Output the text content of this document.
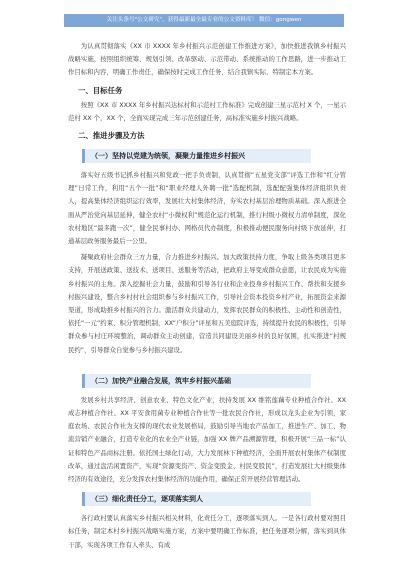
关注头条号"公文研究"，获得最新最全最专业的公文资料库！ 微信：gongwen

为认真贯彻落实《XX 市 XXXX 年乡村振兴示范创建工作推进方案》，加快推进我镇乡村振兴战略实施，按照组织统筹、规划引领、改革驱动、示范带动、系统推动的工作思路，进一步推动工作目标和内容，明确工作责任，确保按时完成工作任务，结合我镇实际，特制定本方案。

一、目标任务

按照《XX 市 XXXX 年乡村振兴达标村和示范村工作标准》完成创建三星示范村 X 个，一星示范村 XX 个，XX 个，全面实现完成三年示范创建任务，高标准实施乡村振兴战略。

二、推进步骤及方法
（一）坚持以党建为统领，凝聚力量推进乡村振兴

落实好五级书记抓乡村振兴和党政一把手负责制，认真贯彻“五星党支部”评选工作和“红分管理”日常工作，利用“五个一批”和“职业经理人外聘一批”选配机制，选配配强集体经济组织负责人，提高集体经济组织运行效率，发展壮大村集体经济，夯实农村基层治理物质基础。深入推进全面从严治党向基层延伸，健全农村“小微权利”规范化运行机制，推行村级小微权力清单制度，深化农村地区“最多跑一次”，健全民事村办、网格员代办制度，积极推动便民服务向村级下放延伸，打通基层政务服务最后一公里。

凝聚政府社会群众三方力量，合力推进乡村振兴。加大政策扶持力度，争取上级各类项目更多支持，开展送政策、送技术、送项目、送服务等活动，把政府主导变成群众意愿，让农民成为实施乡村振兴的主角。深入挖掘社会力量，鼓励和引导各行业和企业投身乡村振兴工作、帮扶和支援乡村振兴建设，整合乡村村社会组织参与乡村振兴工作，引导社会资本投资乡村产业，拓展资金来源渠道，形成助推乡村振兴的合力。激活群众共建动力，发挥农民群众的积极性、主动性和创造性，依托“一元”约束、积分管理机制，XX“户积分”评星和五美庭院评选，持续提升农民的积极性，引导群众参与村庄环境整治，调动群众主动创建，营造共同建设美丽乡村的良好氛围，扎实推进“村规民约”，引导群众自觉参与乡村振兴建设。

（二）加快产业融合发展，筑牢乡村振兴基础

发展乡村共享经济、创意农业、特色文化产业，扶持发展 XX 维铭莲藕专业种植合作社、XX 成志种植合作社、XX 平安食用菌专业种植合作社等一批农民合作社，形成以龙头企业为引领，家庭农场、农民合作社为支撑的现代农业发展格局，鼓励引导当地农产品加工，推进生产、加工、物流营销产业融合，打造专业化的农业全产业链，加强 XX 牌产品溯源管理，积极开展“三品一标”认证和特色产品商标注册。依托国土绿化行动，大力发展林下种植经济，全面开展农村集体产权制度改革，通过盘活闲置资产，实现“资源变资产、资金变股金、村民变股民”，打造发展壮大村级集体经济的有效途径，充分发挥农村集体经济的功能作用，确保正常开展经营管理活动。

（三）细化责任分工，逐项落实到人

各行政村要认真落实乡村振兴相关材料，化责任分工，逐项落实到人。一是各行政村要对照目标任务，制定本村乡村振兴战略实施方案，方案中要明确工作标准，把任务逐项分解，落实到具体干部，实现各项工作有人牵头、有成
